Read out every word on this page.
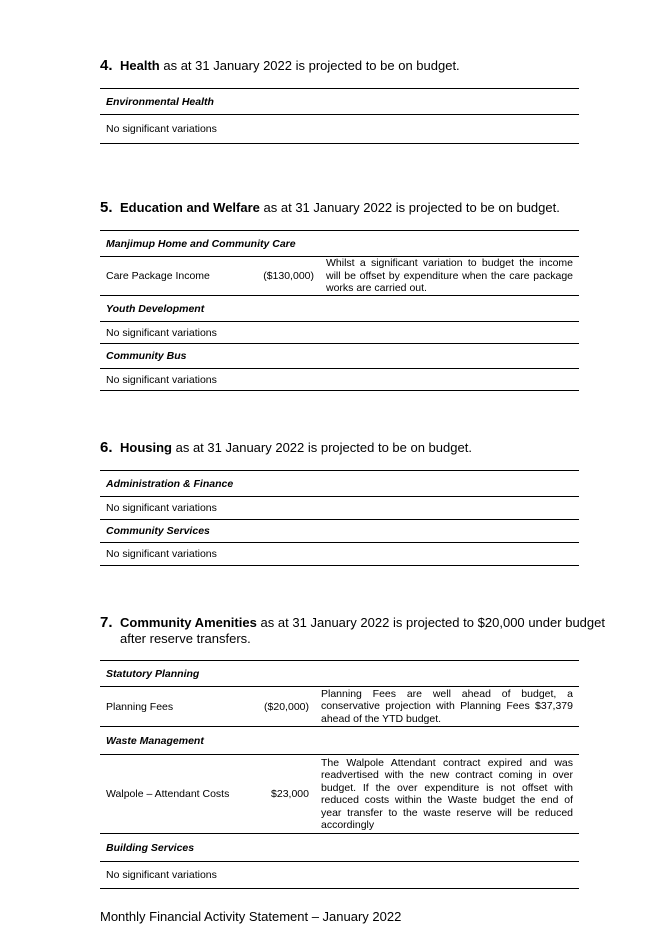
4. Health as at 31 January 2022 is projected to be on budget.
Environmental Health
No significant variations
5. Education and Welfare as at 31 January 2022 is projected to be on budget.
Manjimup Home and Community Care
Care Package Income	($130,000)	Whilst a significant variation to budget the income will be offset by expenditure when the care package works are carried out.
Youth Development
No significant variations
Community Bus
No significant variations
6. Housing as at 31 January 2022 is projected to be on budget.
Administration & Finance
No significant variations
Community Services
No significant variations
7. Community Amenities as at 31 January 2022 is projected to $20,000 under budget after reserve transfers.
Statutory Planning		
Planning Fees	($20,000)	Planning Fees are well ahead of budget, a conservative projection with Planning Fees $37,379 ahead of the YTD budget.
Waste Management		
Walpole – Attendant Costs	$23,000	The Walpole Attendant contract expired and was readvertised with the new contract coming in over budget. If the over expenditure is not offset with reduced costs within the Waste budget the end of year transfer to the waste reserve will be reduced accordingly
Building Services		
No significant variations		
Monthly Financial Activity Statement – January 2022
